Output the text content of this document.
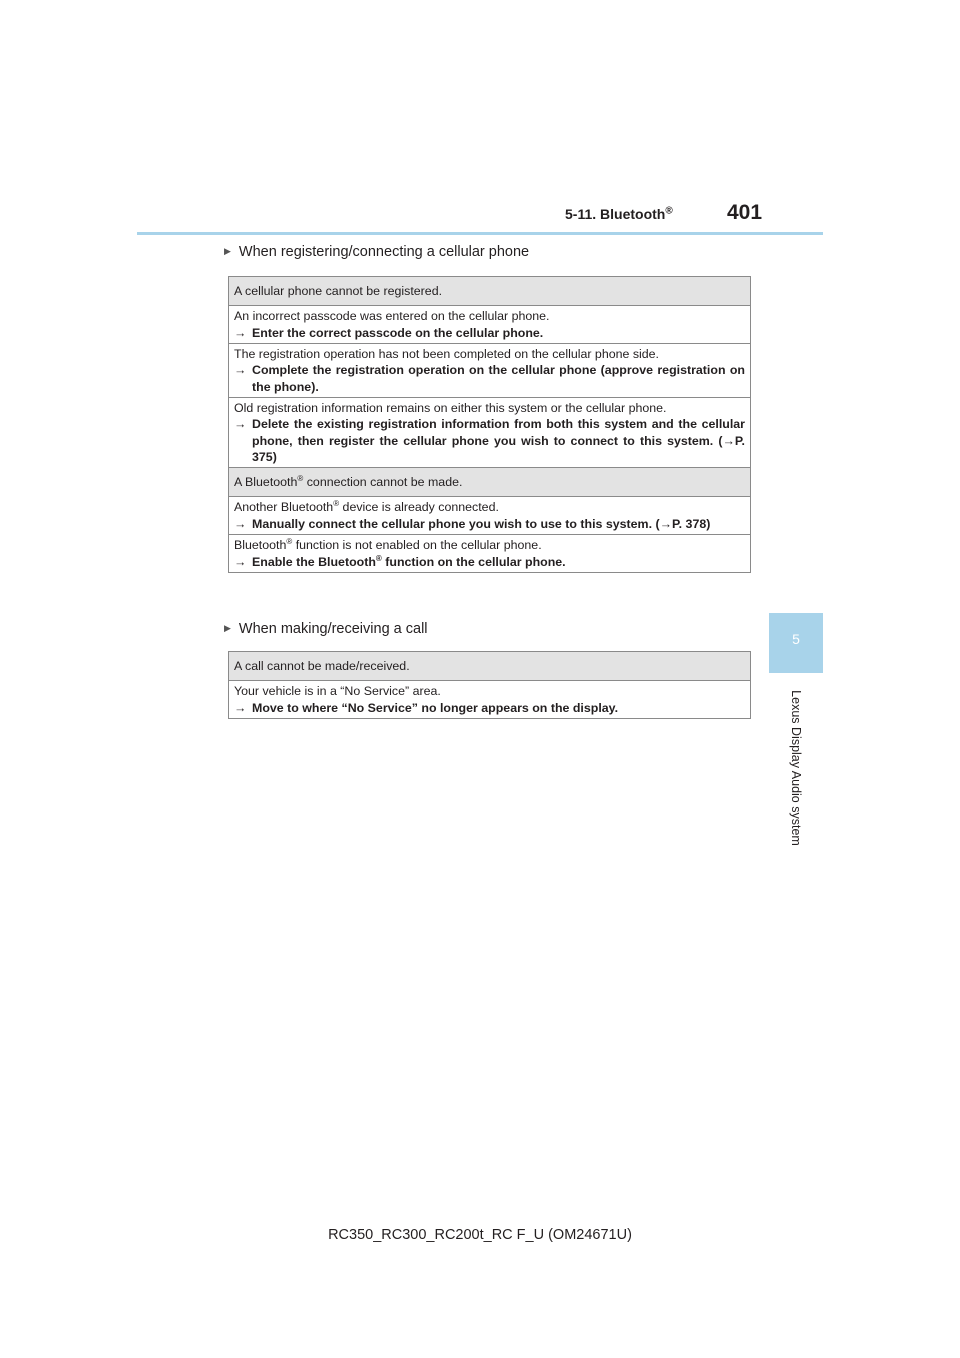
5-11. Bluetooth®	401
5
Lexus Display Audio system
▶ When registering/connecting a cellular phone
A cellular phone cannot be registered.

An incorrect passcode was entered on the cellular phone.
→ Enter the correct passcode on the cellular phone.

The registration operation has not been completed on the cellular phone side.
→ Complete the registration operation on the cellular phone (approve registration on the phone).

Old registration information remains on either this system or the cellular phone.
→ Delete the existing registration information from both this system and the cellular phone, then register the cellular phone you wish to connect to this system. (→P. 375)

A Bluetooth® connection cannot be made.

Another Bluetooth® device is already connected.
→ Manually connect the cellular phone you wish to use to this system. (→P. 378)

Bluetooth® function is not enabled on the cellular phone.
→ Enable the Bluetooth® function on the cellular phone.
▶ When making/receiving a call
A call cannot be made/received.

Your vehicle is in a “No Service” area.
→ Move to where “No Service” no longer appears on the display.
RC350_RC300_RC200t_RC F_U (OM24671U)
